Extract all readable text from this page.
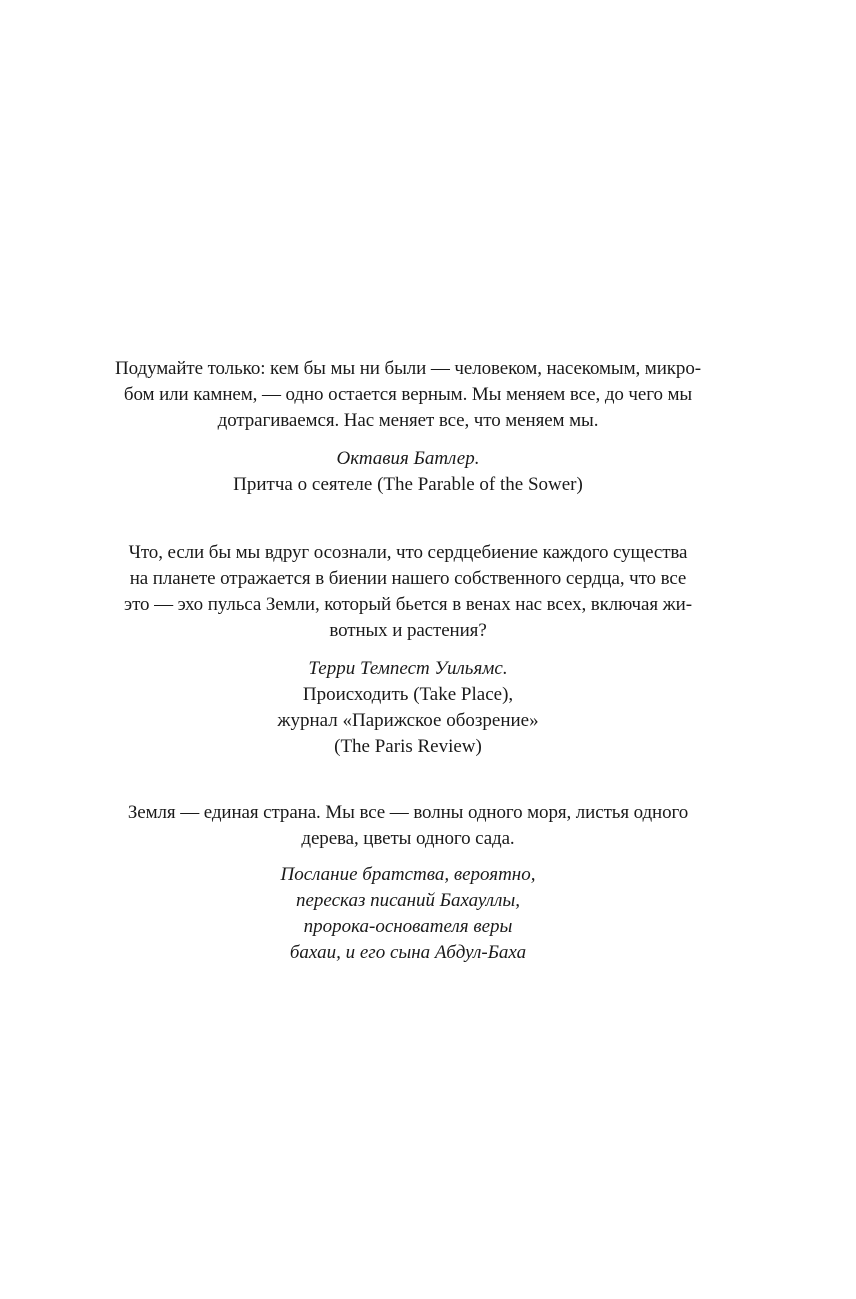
Подумайте только: кем бы мы ни были — человеком, насекомым, микро-
бом или камнем, — одно остается верным. Мы меняем все, до чего мы
дотрагиваемся. Нас меняет все, что меняем мы.

Октавия Батлер.
Притча о сеятеле (The Parable of the Sower)

Что, если бы мы вдруг осознали, что сердцебиение каждого существа
на планете отражается в биении нашего собственного сердца, что все
это — эхо пульса Земли, который бьется в венах нас всех, включая жи-
вотных и растения?

Терри Темпест Уильямс.
Происходить (Take Place),
журнал «Парижское обозрение»
(The Paris Review)

Земля — единая страна. Мы все — волны одного моря, листья одного
дерева, цветы одного сада.

Послание братства, вероятно,
пересказ писаний Бахауллы,
пророка-основателя веры
бахаи, и его сына Абдул-Баха
